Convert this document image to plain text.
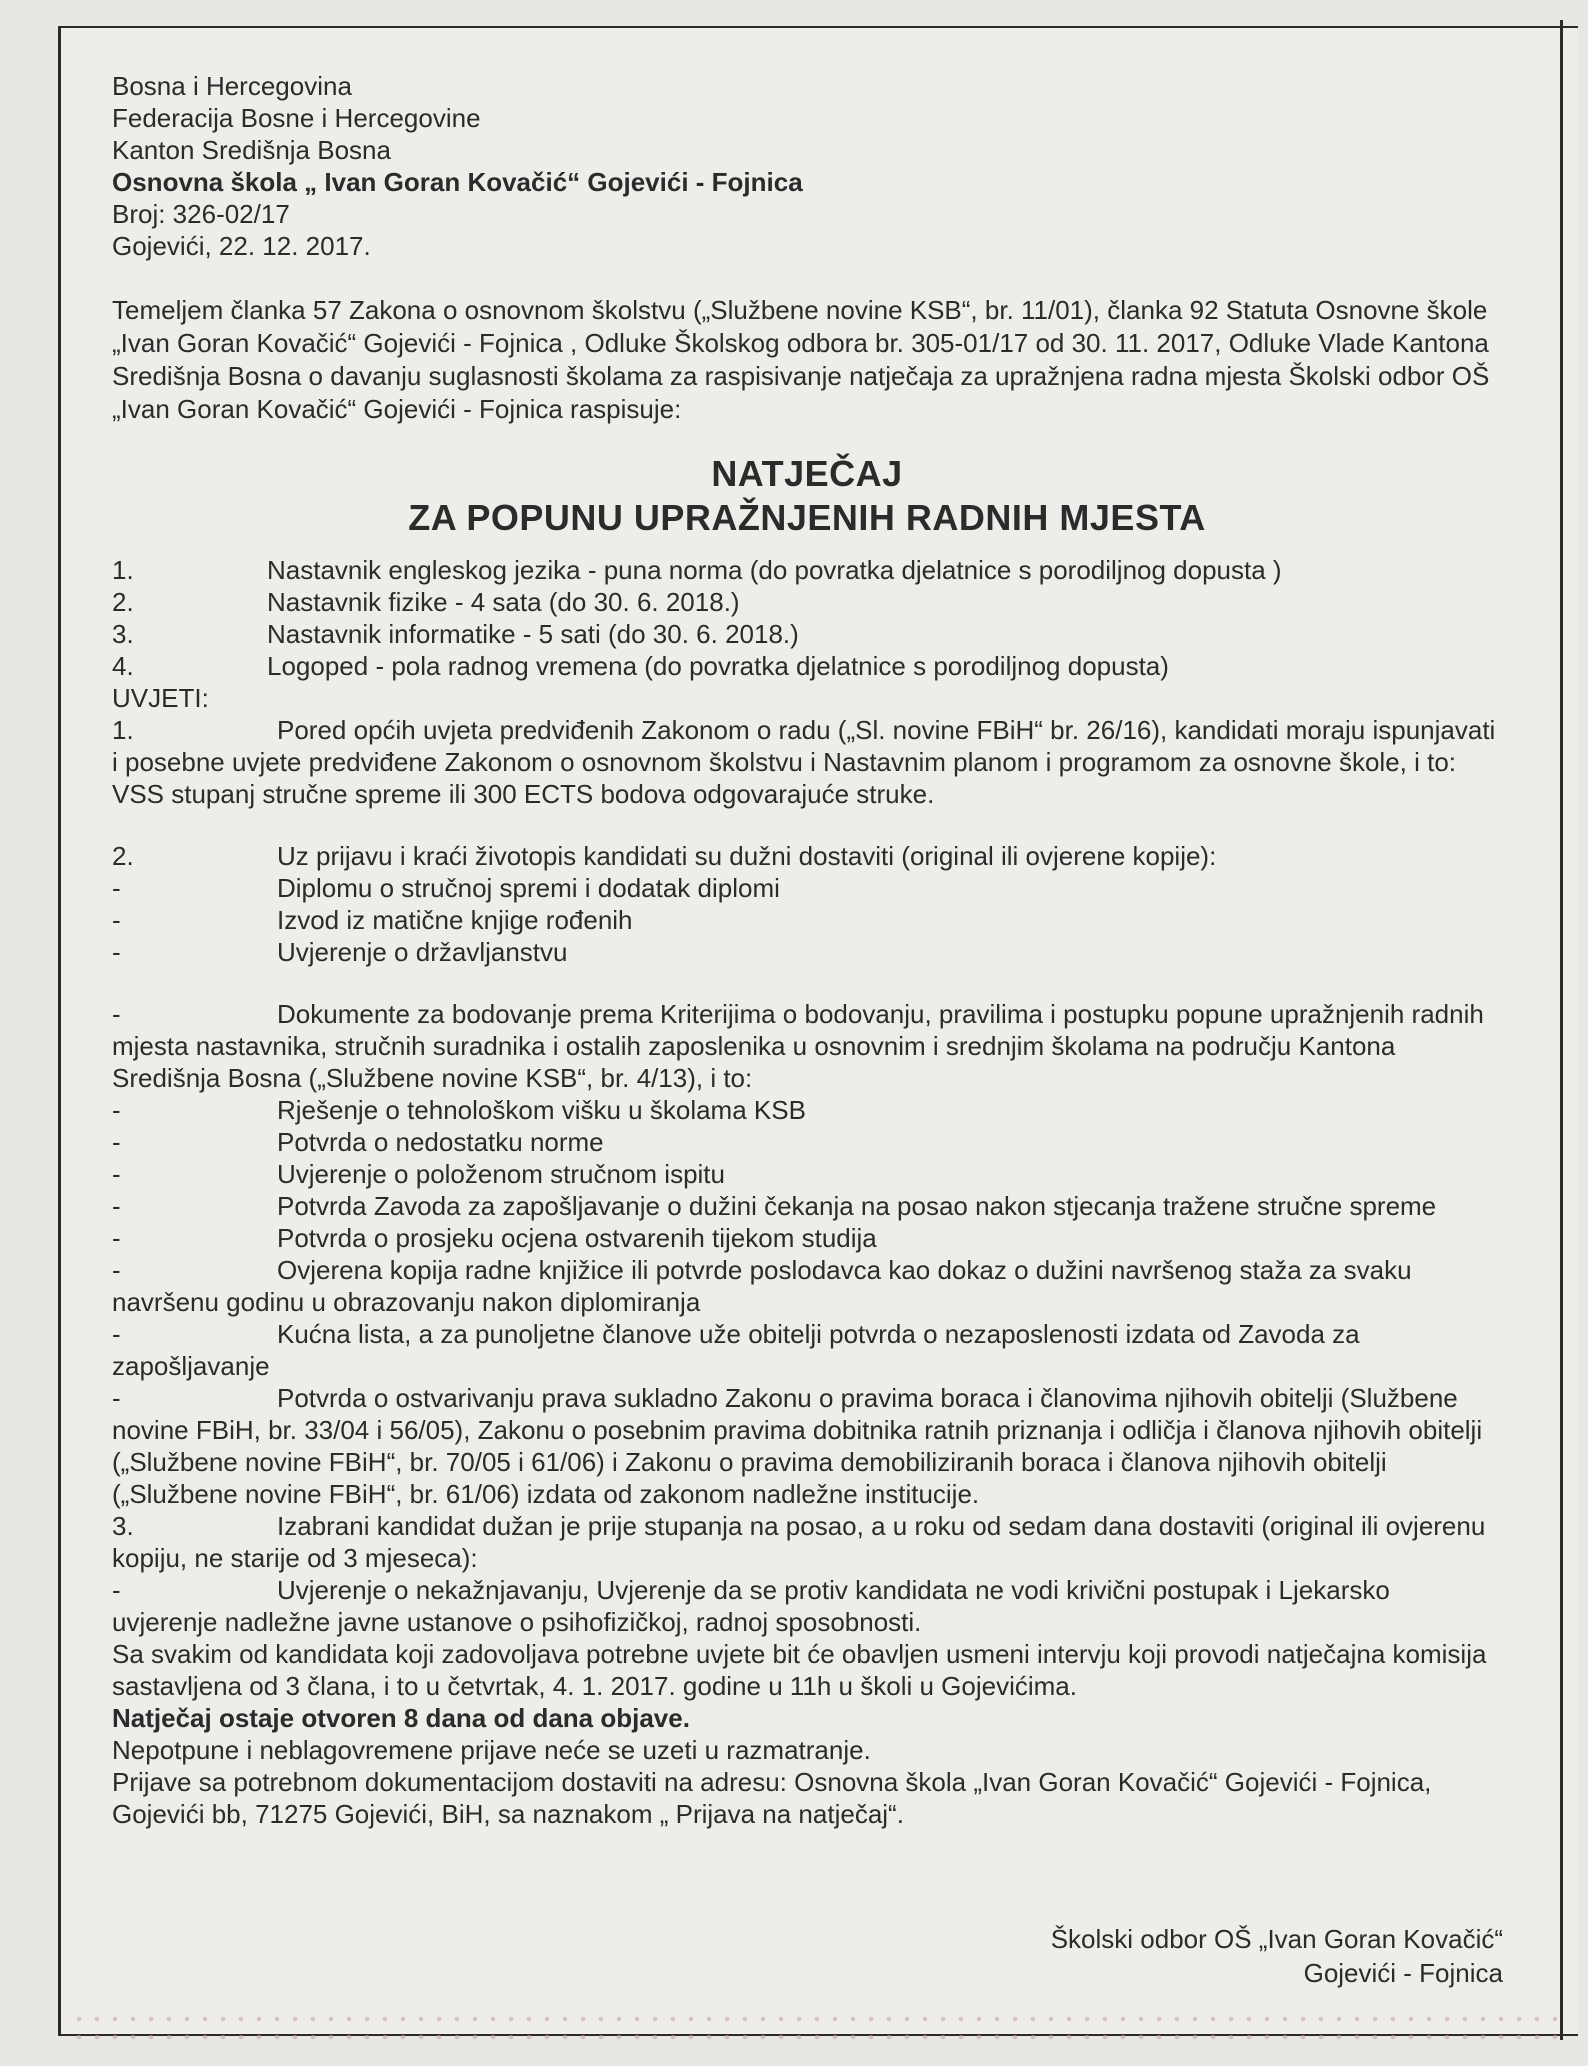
Bosna i Hercegovina
Federacija Bosne i Hercegovine
Kanton Središnja Bosna
Osnovna škola „ Ivan Goran Kovačić“ Gojevići - Fojnica
Broj: 326-02/17
Gojevići, 22. 12. 2017.
Temeljem članka 57 Zakona o osnovnom školstvu („Službene novine KSB“, br. 11/01), članka 92 Statuta Osnovne škole „Ivan Goran Kovačić“ Gojevići - Fojnica , Odluke Školskog odbora br. 305-01/17 od 30. 11. 2017, Odluke Vlade Kantona Središnja Bosna o davanju suglasnosti školama za raspisivanje natječaja za upražnjena radna mjesta Školski odbor OŠ „Ivan Goran Kovačić“ Gojevići - Fojnica raspisuje:
NATJEČAJ
ZA POPUNU UPRAŽNJENIH RADNIH MJESTA
1.	Nastavnik engleskog jezika - puna norma (do povratka djelatnice s porodiljnog dopusta )
2.	Nastavnik fizike - 4 sata (do 30. 6. 2018.)
3.	Nastavnik informatike - 5 sati (do 30. 6. 2018.)
4.	Logoped - pola radnog vremena (do povratka djelatnice s porodiljnog dopusta)
UVJETI:
1.	Pored općih uvjeta predviđenih Zakonom o radu („Sl. novine FBiH“ br. 26/16), kandidati moraju ispunjavati i posebne uvjete predviđene Zakonom o osnovnom školstvu i Nastavnim planom i programom za osnovne škole, i to: VSS stupanj stručne spreme ili 300 ECTS bodova odgovarajuće struke.
2.	Uz prijavu i kraći životopis kandidati su dužni dostaviti (original ili ovjerene kopije):
-	Diplomu o stručnoj spremi i dodatak diplomi
-	Izvod iz matične knjige rođenih
-	Uvjerenje o državljanstvu
-	Dokumente za bodovanje prema Kriterijima o bodovanju, pravilima i postupku popune upražnjenih radnih mjesta nastavnika, stručnih suradnika i ostalih zaposlenika u osnovnim i srednjim školama na području Kantona Središnja Bosna („Službene novine KSB“, br. 4/13), i to:
-	Rješenje o tehnološkom višku u školama KSB
-	Potvrda o nedostatku norme
-	Uvjerenje o položenom stručnom ispitu
-	Potvrda Zavoda za zapošljavanje o dužini čekanja na posao nakon stjecanja tražene stručne spreme
-	Potvrda o prosjeku ocjena ostvarenih tijekom studija
-	Ovjerena kopija radne knjižice ili potvrde poslodavca kao dokaz o dužini navršenog staža za svaku navršenu godinu u obrazovanju nakon diplomiranja
-	Kućna lista, a za punoljetne članove uže obitelji potvrda o nezaposlenosti izdata od Zavoda za zapošljavanje
-	Potvrda o ostvarivanju prava sukladno Zakonu o pravima boraca i članovima njihovih obitelji (Službene novine FBiH, br. 33/04 i 56/05), Zakonu o posebnim pravima dobitnika ratnih priznanja i odličja i članova njihovih obitelji („Službene novine FBiH“, br. 70/05 i 61/06) i Zakonu o pravima demobiliziranih boraca i članova njihovih obitelji („Službene novine FBiH“, br. 61/06) izdata od zakonom nadležne institucije.
3.	Izabrani kandidat dužan je prije stupanja na posao, a u roku od sedam dana dostaviti (original ili ovjerenu kopiju, ne starije od 3 mjeseca):
-	Uvjerenje o nekažnjavanju, Uvjerenje da se protiv kandidata ne vodi krivični postupak i Ljekarsko uvjerenje nadležne javne ustanove o psihofizičkoj, radnoj sposobnosti.
Sa svakim od kandidata koji zadovoljava potrebne uvjete bit će obavljen usmeni intervju koji provodi natječajna komisija sastavljena od 3 člana, i to u četvrtak, 4. 1. 2017. godine u 11h u školi u Gojevićima.
Natječaj ostaje otvoren 8 dana od dana objave.
Nepotpune i neblagovremene prijave neće se uzeti u razmatranje.
Prijave sa potrebnom dokumentacijom dostaviti na adresu: Osnovna škola „Ivan Goran Kovačić“ Gojevići - Fojnica, Gojevići bb, 71275 Gojevići, BiH, sa naznakom „ Prijava na natječaj“.
Školski odbor OŠ „Ivan Goran Kovačić“
Gojevići - Fojnica
